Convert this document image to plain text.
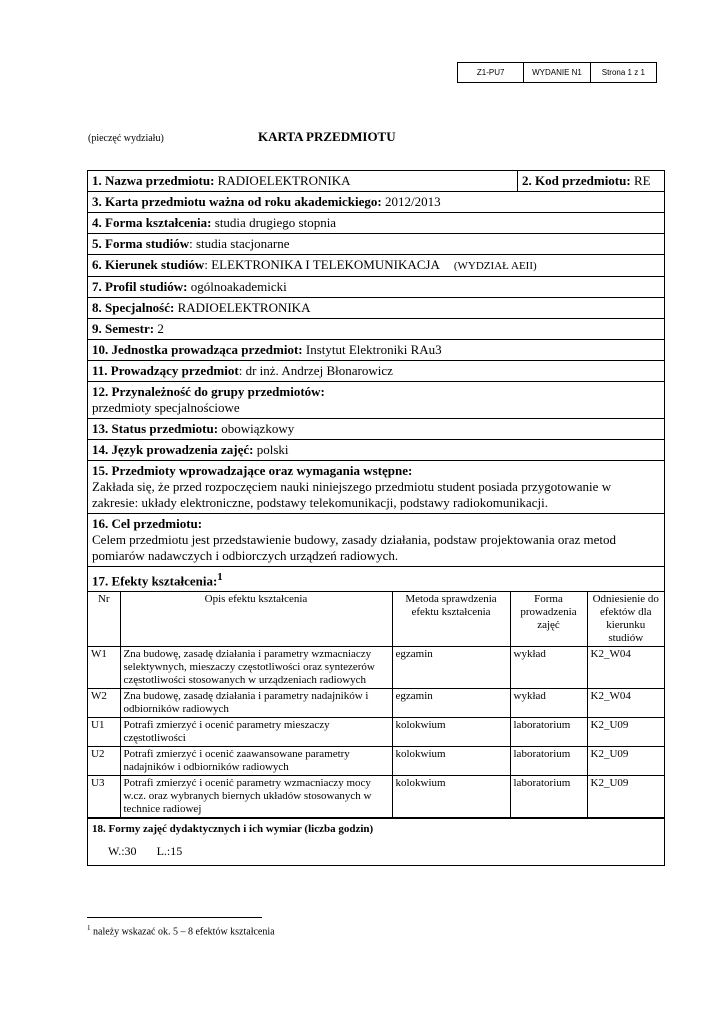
Z1-PU7	WYDANIE N1	Strona 1 z 1
(pieczęć wydziału)	KARTA PRZEDMIOTU
1. Nazwa przedmiotu: RADIOELEKTRONIKA	2. Kod przedmiotu: RE
3. Karta przedmiotu ważna od roku akademickiego: 2012/2013
4. Forma kształcenia: studia drugiego stopnia
5. Forma studiów: studia stacjonarne
6. Kierunek studiów: ELEKTRONIKA I TELEKOMUNIKACJA (WYDZIAŁ AEII)
7. Profil studiów: ogólnoakademicki
8. Specjalność: RADIOELEKTRONIKA
9. Semestr: 2
10. Jednostka prowadząca przedmiot: Instytut Elektroniki RAu3
11. Prowadzący przedmiot: dr inż. Andrzej Błonarowicz
12. Przynależność do grupy przedmiotów:
przedmioty specjalnościowe
13. Status przedmiotu: obowiązkowy
14. Język prowadzenia zajęć: polski
15. Przedmioty wprowadzające oraz wymagania wstępne:
Zakłada się, że przed rozpoczęciem nauki niniejszego przedmiotu student posiada przygotowanie w zakresie: układy elektroniczne, podstawy telekomunikacji, podstawy radiokomunikacji.
16. Cel przedmiotu:
Celem przedmiotu jest przedstawienie budowy, zasady działania, podstaw projektowania oraz metod pomiarów nadawczych i odbiorczych urządzeń radiowych.
17. Efekty kształcenia:$^1$
Nr	Opis efektu kształcenia	Metoda sprawdzenia efektu kształcenia	Forma prowadzenia zajęć	Odniesienie do efektów dla kierunku studiów
W1	Zna budowę, zasadę działania i parametry wzmacniaczy selektywnych, mieszaczy częstotliwości oraz syntezerów częstotliwości stosowanych w urządzeniach radiowych	egzamin	wykład	K2_W04
W2	Zna budowę, zasadę działania i parametry nadajników i odbiorników radiowych	egzamin	wykład	K2_W04
U1	Potrafi zmierzyć i ocenić parametry mieszaczy częstotliwości	kolokwium	laboratorium	K2_U09
U2	Potrafi zmierzyć i ocenić zaawansowane parametry nadajników i odbiorników radiowych	kolokwium	laboratorium	K2_U09
U3	Potrafi zmierzyć i ocenić parametry wzmacniaczy mocy w.cz. oraz wybranych biernych układów stosowanych w technice radiowej	kolokwium	laboratorium	K2_U09
18. Formy zajęć dydaktycznych i ich wymiar (liczba godzin)
W.:30 L.:15
$^1$ należy wskazać ok. 5 – 8 efektów kształcenia
